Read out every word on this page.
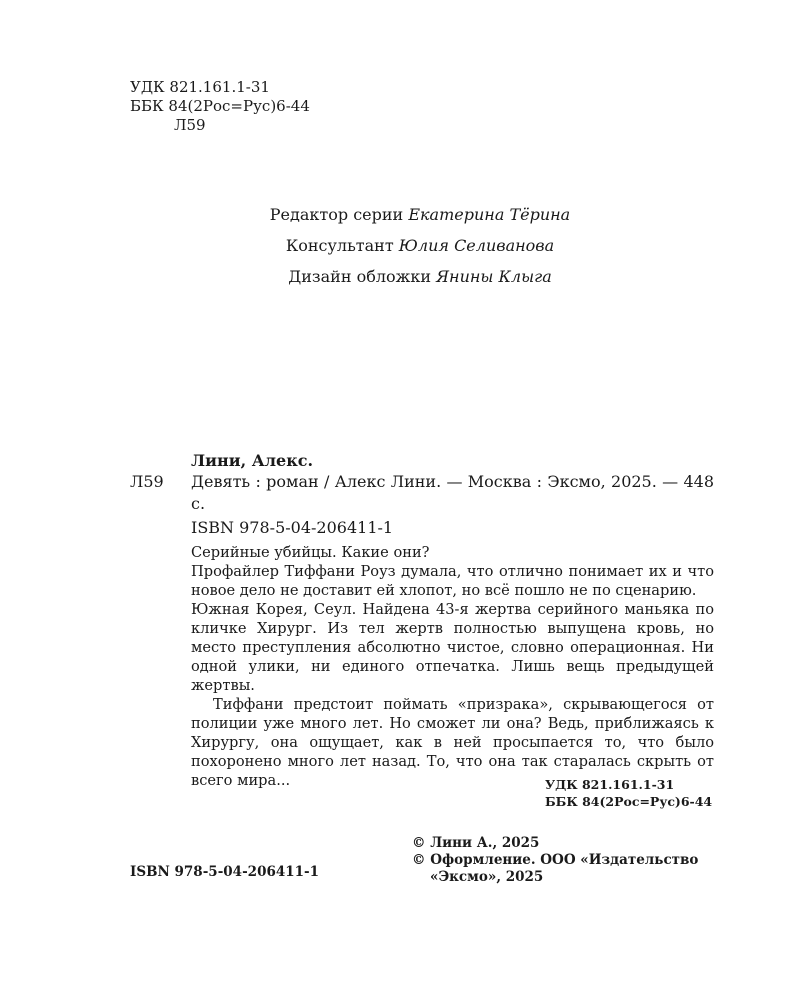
УДК 821.161.1-31
ББК 84(2Рос=Рус)6-44
Л59
Редактор серии Екатерина Тёрина
Консультант Юлия Селиванова
Дизайн обложки Янины Клыга
Лини, Алекс.
Л59 Девять : роман / Алекс Лини. — Москва : Эксмо, 2025. — 448 с.
ISBN 978-5-04-206411-1

Серийные убийцы. Какие они?

Профайлер Тиффани Роуз думала, что отлично понимает их и что новое дело не доставит ей хлопот, но всё пошло не по сценарию.

Южная Корея, Сеул. Найдена 43-я жертва серийного маньяка по кличке Хирург. Из тел жертв полностью выпущена кровь, но место преступления абсолютно чистое, словно операционная. Ни одной улики, ни единого отпечатка. Лишь вещь предыдущей жертвы.

Тиффани предстоит поймать «призрака», скрывающегося от полиции уже много лет. Но сможет ли она? Ведь, приближаясь к Хирургу, она ощущает, как в ней просыпается то, что было похоронено много лет назад. То, что она так старалась скрыть от всего мира...	УДК 821.161.1-31
ББК 84(2Рос=Рус)6-44
© Лини А., 2025
© Оформление. ООО «Издательство
«Эксмо», 2025
ISBN 978-5-04-206411-1
